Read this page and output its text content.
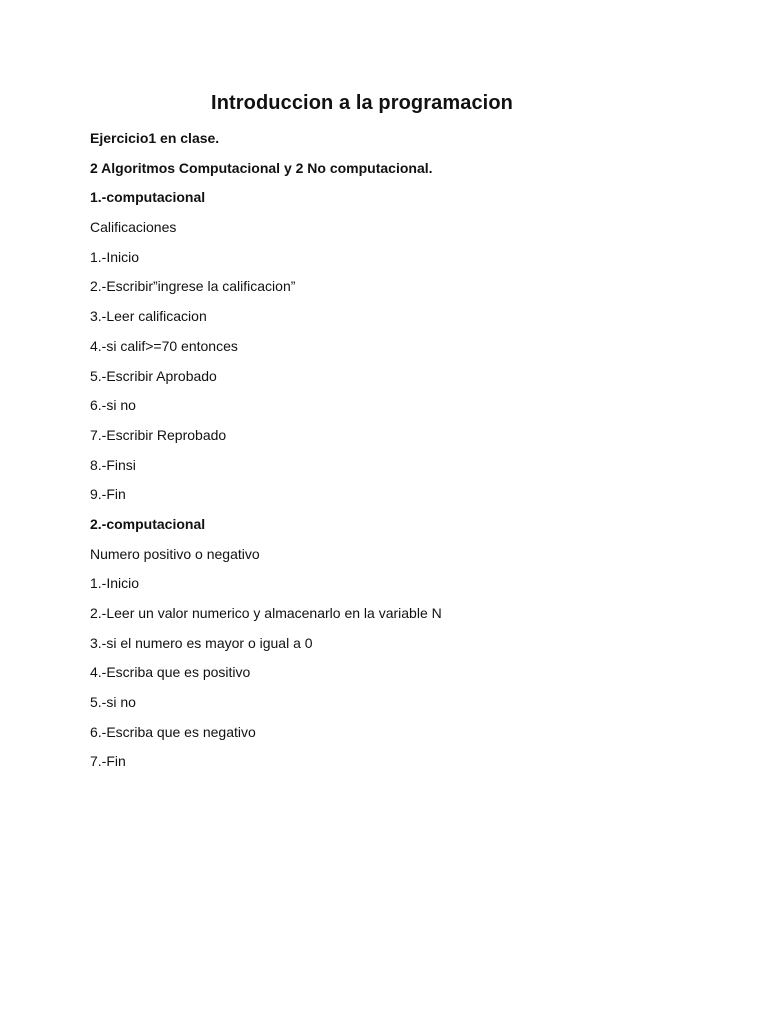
Introduccion a la programacion
Ejercicio1 en clase.
2 Algoritmos Computacional y 2 No computacional.
1.-computacional
Calificaciones
1.-Inicio
2.-Escribir”ingrese la calificacion”
3.-Leer calificacion
4.-si calif>=70 entonces
5.-Escribir Aprobado
6.-si no
7.-Escribir Reprobado
8.-Finsi
9.-Fin
2.-computacional
Numero positivo o negativo
1.-Inicio
2.-Leer un valor numerico y almacenarlo en la variable N
3.-si el numero es mayor o igual a 0
4.-Escriba que es positivo
5.-si no
6.-Escriba que es negativo
7.-Fin
